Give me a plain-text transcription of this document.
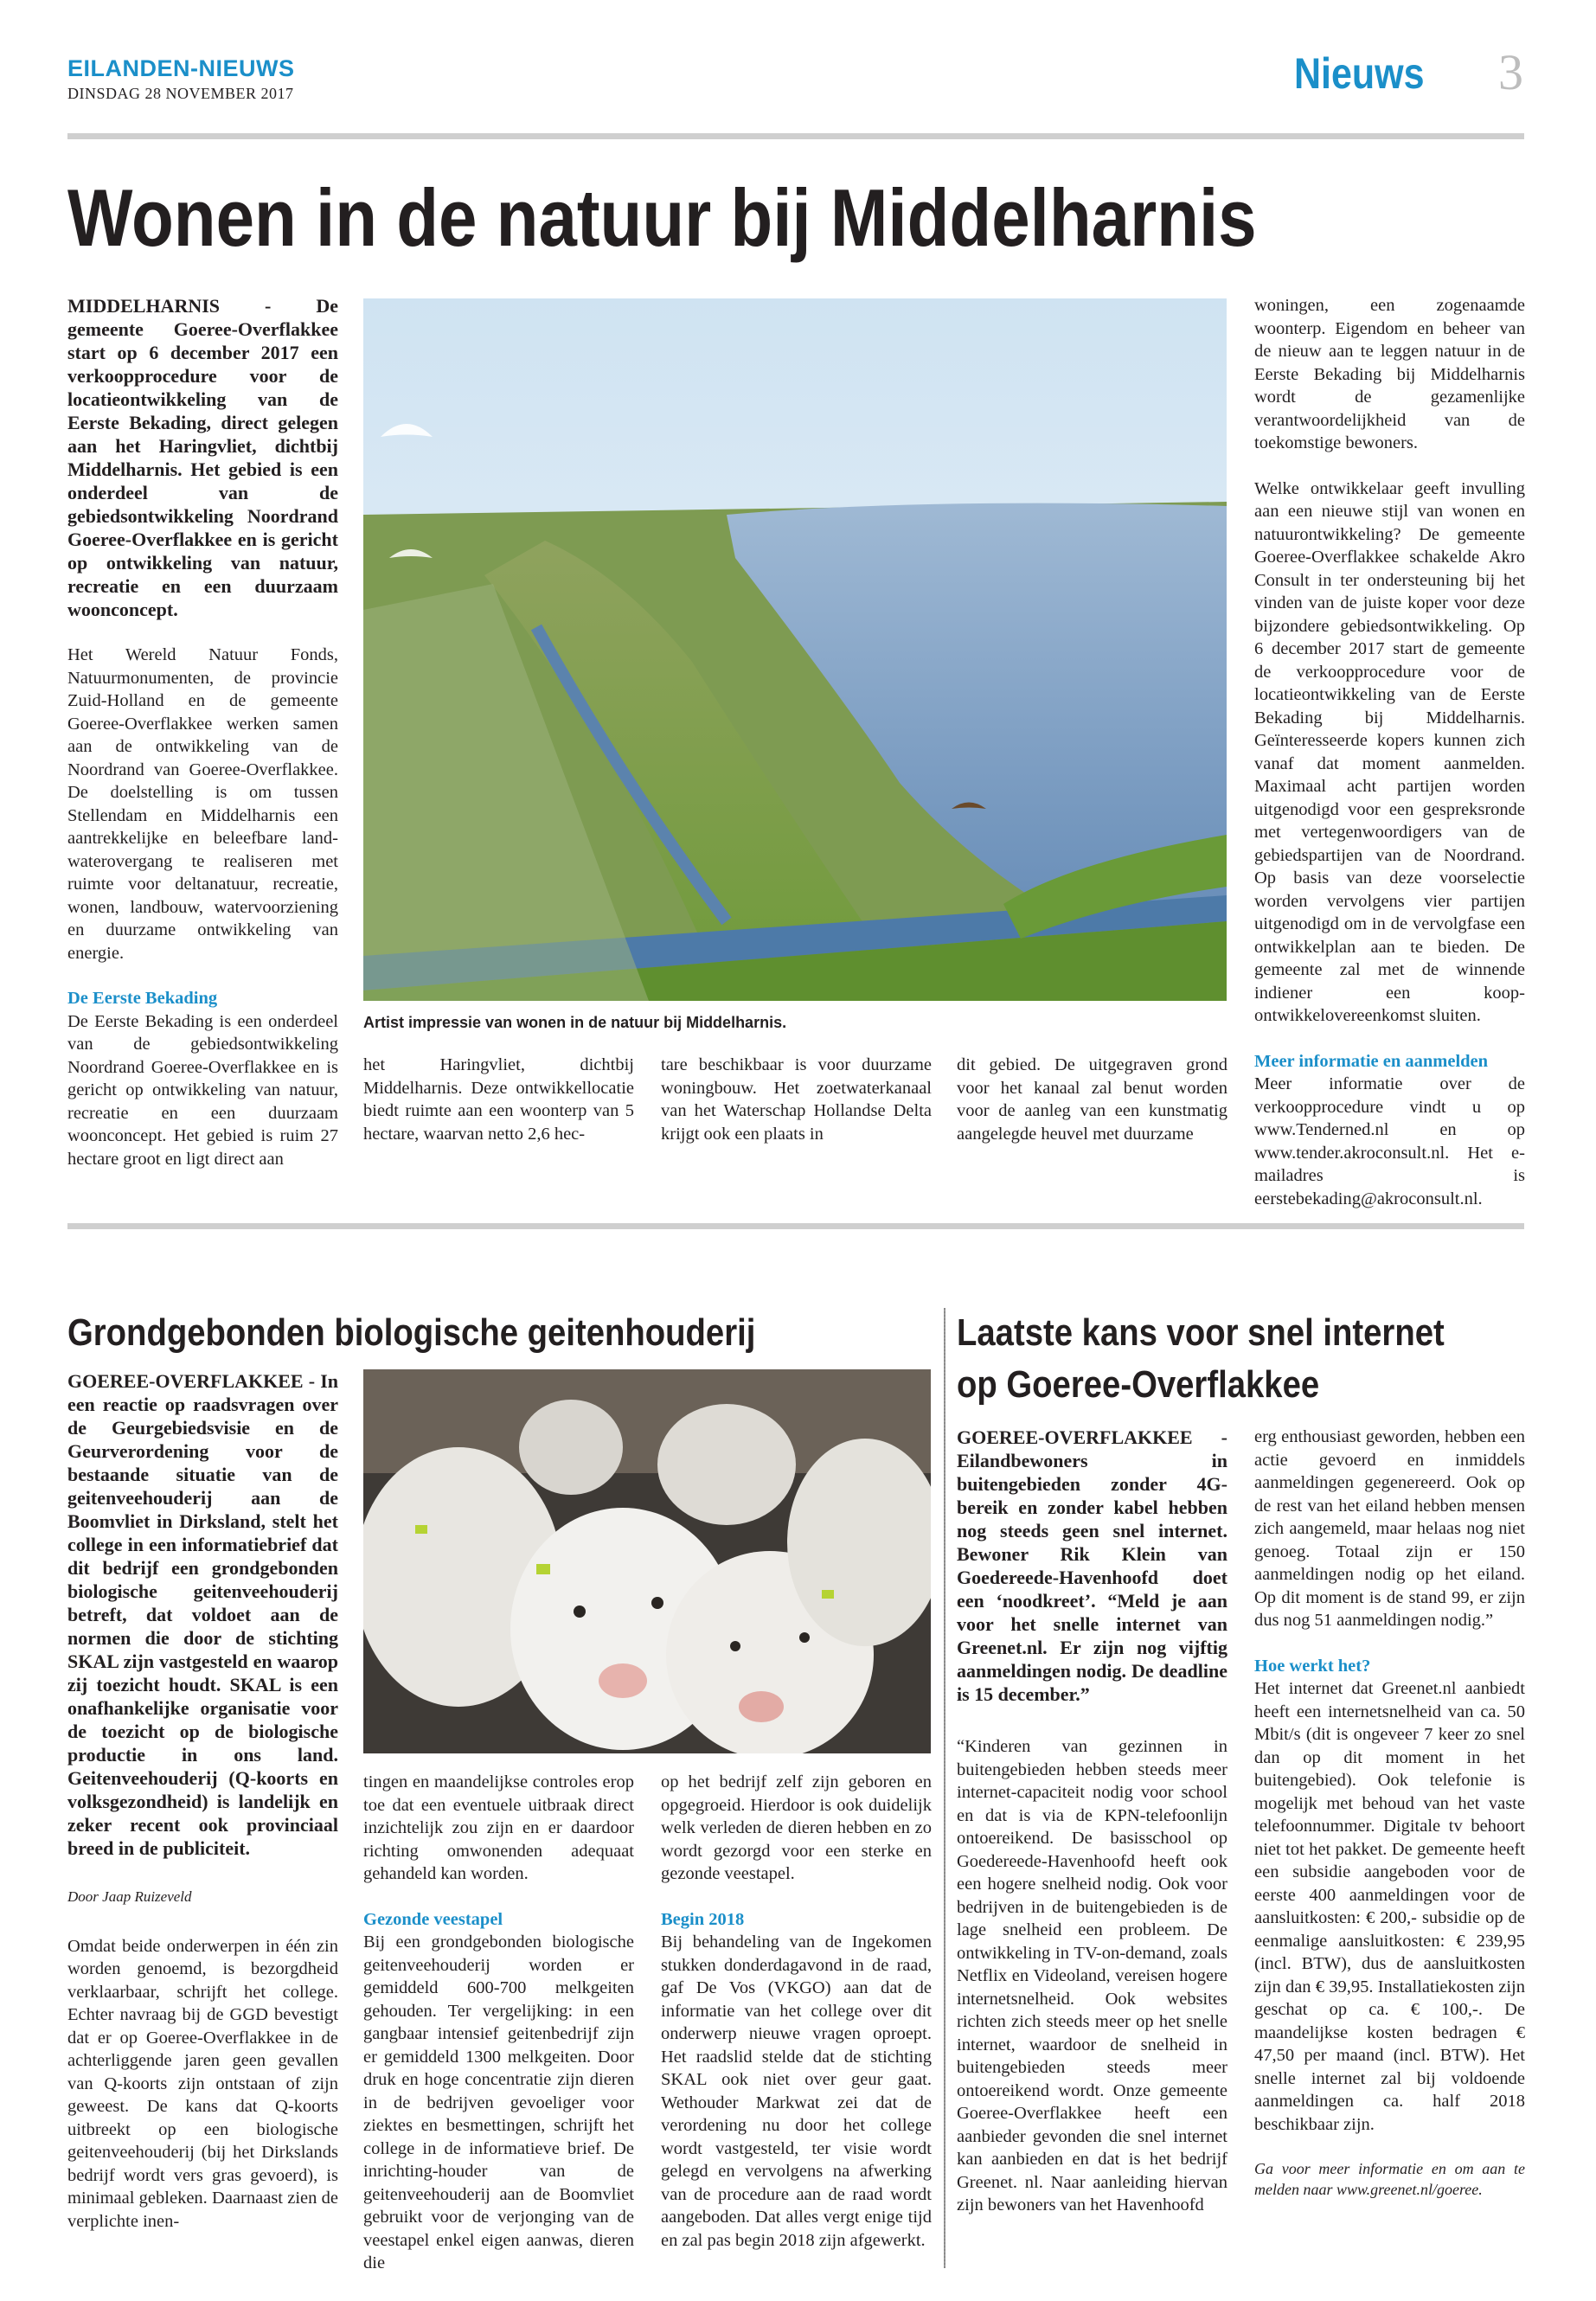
EILANDEN-NIEUWS
DINSDAG 28 NOVEMBER 2017	Nieuws 3
Wonen in de natuur bij Middelharnis

MIDDELHARNIS - De gemeente Goeree-Overflakkee start op 6 december 2017 een verkoopprocedure voor de locatieontwikkeling van de Eerste Bekading, direct gelegen aan het Haringvliet, dichtbij Middelharnis. Het gebied is een onderdeel van de gebiedsontwikkeling Noordrand Goeree-Overflakkee en is gericht op ontwikkeling van natuur, recreatie en een duurzaam woonconcept.

Het Wereld Natuur Fonds, Natuurmonumenten, de provincie Zuid-Holland en de gemeente Goeree-Overflakkee werken samen aan de ontwikkeling van de Noordrand van Goeree-Overflakkee. De doelstelling is om tussen Stellendam en Middelharnis een aantrekkelijke en beleefbare land-waterovergang te realiseren met ruimte voor deltanatuur, recreatie, wonen, landbouw, watervoorziening en duurzame ontwikkeling van energie.

De Eerste Bekading
De Eerste Bekading is een onderdeel van de gebiedsontwikkeling Noordrand Goeree-Overflakkee en is gericht op ontwikkeling van natuur, recreatie en een duurzaam woonconcept. Het gebied is ruim 27 hectare groot en ligt direct aan

Artist impressie van wonen in de natuur bij Middelharnis.

het Haringvliet, dichtbij Middelharnis. Deze ontwikkellocatie biedt ruimte aan een woonterp van 5 hectare, waarvan netto 2,6 hec-

tare beschikbaar is voor duurzame woningbouw. Het zoetwaterkanaal van het Waterschap Hollandse Delta krijgt ook een plaats in

dit gebied. De uitgegraven grond voor het kanaal zal benut worden voor de aanleg van een kunstmatig aangelegde heuvel met duurzame

woningen, een zogenaamde woonterp. Eigendom en beheer van de nieuw aan te leggen natuur in de Eerste Bekading bij Middelharnis wordt de gezamenlijke verantwoordelijkheid van de toekomstige bewoners.

Welke ontwikkelaar geeft invulling aan een nieuwe stijl van wonen en natuurontwikkeling? De gemeente Goeree-Overflakkee schakelde Akro Consult in ter ondersteuning bij het vinden van de juiste koper voor deze bijzondere gebiedsontwikkeling. Op 6 december 2017 start de gemeente de verkoopprocedure voor de locatieontwikkeling van de Eerste Bekading bij Middelharnis. Geïnteresseerde kopers kunnen zich vanaf dat moment aanmelden. Maximaal acht partijen worden uitgenodigd voor een gespreksronde met vertegenwoordigers van de gebiedspartijen van de Noordrand. Op basis van deze voorselectie worden vervolgens vier partijen uitgenodigd om in de vervolgfase een ontwikkelplan aan te bieden. De gemeente zal met de winnende indiener een koop-ontwikkelovereenkomst sluiten.

Meer informatie en aanmelden
Meer informatie over de verkoopprocedure vindt u op www.Tenderned.nl en op www.tender.akroconsult.nl. Het e-mailadres is eerstebekading@akroconsult.nl.

Grondgebonden biologische geitenhouderij

GOEREE-OVERFLAKKEE - In een reactie op raadsvragen over de Geurgebiedsvisie en de Geurverordening voor de bestaande situatie van de geitenveehouderij aan de Boomvliet in Dirksland, stelt het college in een informatiebrief dat dit bedrijf een grondgebonden biologische geitenveehouderij betreft, dat voldoet aan de normen die door de stichting SKAL zijn vastgesteld en waarop zij toezicht houdt. SKAL is een onafhankelijke organisatie voor de toezicht op de biologische productie in ons land. Geitenveehouderij (Q-koorts en volksgezondheid) is landelijk en zeker recent ook provinciaal breed in de publiciteit.

Door Jaap Ruizeveld

Omdat beide onderwerpen in één zin worden genoemd, is bezorgdheid verklaarbaar, schrijft het college. Echter navraag bij de GGD bevestigt dat er op Goeree-Overflakkee in de achterliggende jaren geen gevallen van Q-koorts zijn ontstaan of zijn geweest. De kans dat Q-koorts uitbreekt op een biologische geitenveehouderij (bij het Dirkslands bedrijf wordt vers gras gevoerd), is minimaal gebleken. Daarnaast zien de verplichte inen-

tingen en maandelijkse controles erop toe dat een eventuele uitbraak direct inzichtelijk zou zijn en er daardoor richting omwonenden adequaat gehandeld kan worden.

Gezonde veestapel
Bij een grondgebonden biologische geitenveehouderij worden er gemiddeld 600-700 melkgeiten gehouden. Ter vergelijking: in een gangbaar intensief geitenbedrijf zijn er gemiddeld 1300 melkgeiten. Door druk en hoge concentratie zijn dieren in de bedrijven gevoeliger voor ziektes en besmettingen, schrijft het college in de informatieve brief. De inrichting-houder van de geitenveehouderij aan de Boomvliet gebruikt voor de verjonging van de veestapel enkel eigen aanwas, dieren die

op het bedrijf zelf zijn geboren en opgegroeid. Hierdoor is ook duidelijk welk verleden de dieren hebben en zo wordt gezorgd voor een sterke en gezonde veestapel.

Begin 2018
Bij behandeling van de Ingekomen stukken donderdagavond in de raad, gaf De Vos (VKGO) aan dat de informatie van het college over dit onderwerp nieuwe vragen oproept. Het raadslid stelde dat de stichting SKAL ook niet over geur gaat. Wethouder Markwat zei dat de verordening nu door het college wordt vastgesteld, ter visie wordt gelegd en vervolgens na afwerking van de procedure aan de raad wordt aangeboden. Dat alles vergt enige tijd en zal pas begin 2018 zijn afgewerkt.

Laatste kans voor snel internet
op Goeree-Overflakkee

GOEREE-OVERFLAKKEE - Eilandbewoners in buitengebieden zonder 4G-bereik en zonder kabel hebben nog steeds geen snel internet. Bewoner Rik Klein van Goedereede-Havenhoofd doet een ‘noodkreet’. “Meld je aan voor het snelle internet van Greenet.nl. Er zijn nog vijftig aanmeldingen nodig. De deadline is 15 december.”

“Kinderen van gezinnen in buitengebieden hebben steeds meer internet-capaciteit nodig voor school en dat is via de KPN-telefoonlijn ontoereikend. De basisschool op Goedereede-Havenhoofd heeft ook een hogere snelheid nodig. Ook voor bedrijven in de buitengebieden is de lage snelheid een probleem. De ontwikkeling in TV-on-demand, zoals Netflix en Videoland, vereisen hogere internetsnelheid. Ook websites richten zich steeds meer op het snelle internet, waardoor de snelheid in buitengebieden steeds meer ontoereikend wordt. Onze gemeente Goeree-Overflakkee heeft een aanbieder gevonden die snel internet kan aanbieden en dat is het bedrijf Greenet. nl. Naar aanleiding hiervan zijn bewoners van het Havenhoofd

erg enthousiast geworden, hebben een actie gevoerd en inmiddels aanmeldingen gegenereerd. Ook op de rest van het eiland hebben mensen zich aangemeld, maar helaas nog niet genoeg. Totaal zijn er 150 aanmeldingen nodig op het eiland. Op dit moment is de stand 99, er zijn dus nog 51 aanmeldingen nodig.”

Hoe werkt het?
Het internet dat Greenet.nl aanbiedt heeft een internetsnelheid van ca. 50 Mbit/s (dit is ongeveer 7 keer zo snel dan op dit moment in het buitengebied). Ook telefonie is mogelijk met behoud van het vaste telefoonnummer. Digitale tv behoort niet tot het pakket. De gemeente heeft een subsidie aangeboden voor de eerste 400 aanmeldingen voor de aansluitkosten: € 200,- subsidie op de eenmalige aansluitkosten: € 239,95 (incl. BTW), dus de aansluitkosten zijn dan € 39,95. Installatiekosten zijn geschat op ca. € 100,-. De maandelijkse kosten bedragen € 47,50 per maand (incl. BTW). Het snelle internet zal bij voldoende aanmeldingen ca. half 2018 beschikbaar zijn.

Ga voor meer informatie en om aan te melden naar www.greenet.nl/goeree.
